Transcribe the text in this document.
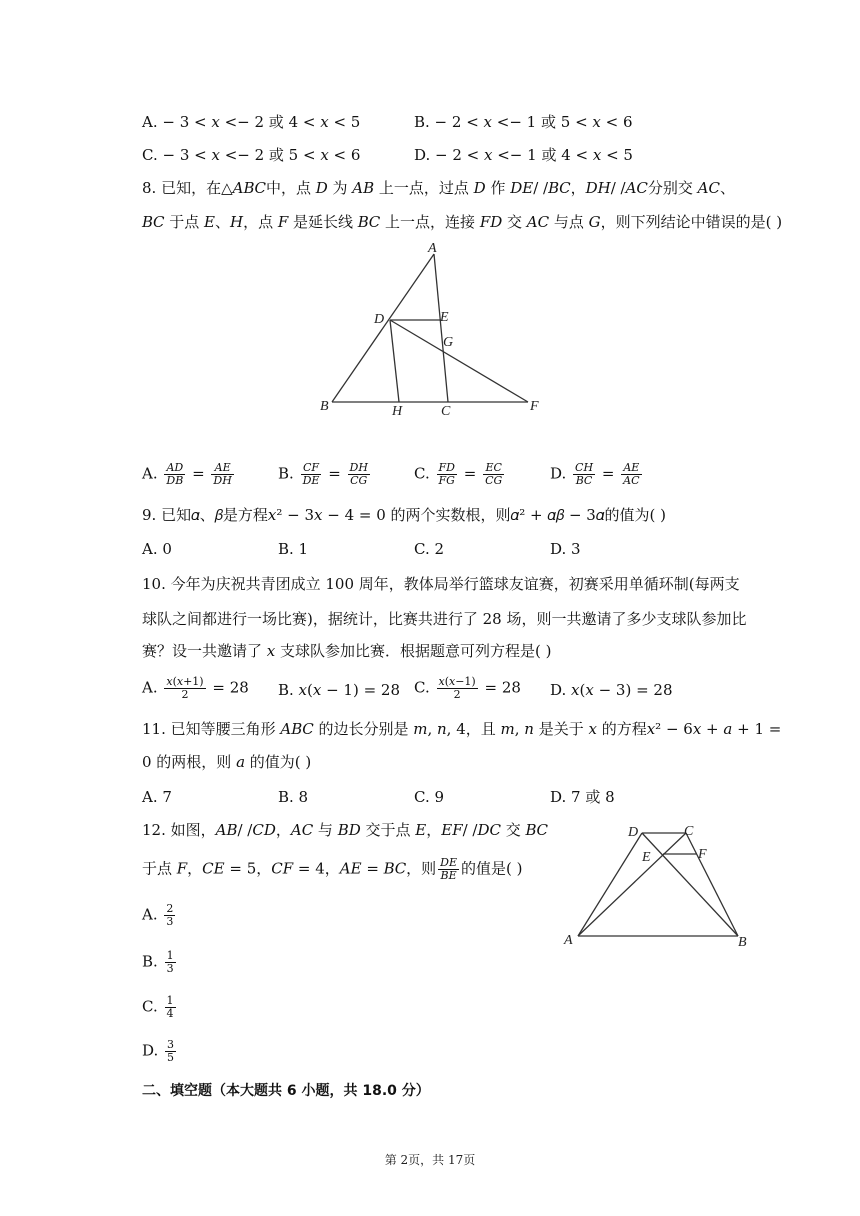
A. − 3 < 𝑥 <− 2 或 4 < 𝑥 < 5	B. − 2 < 𝑥 <− 1 或 5 < 𝑥 < 6
C. − 3 < 𝑥 <− 2 或 5 < 𝑥 < 6	D. − 2 < 𝑥 <− 1 或 4 < 𝑥 < 5
8. 已知，在△𝐴𝐵𝐶中，点 𝐷 为 𝐴𝐵 上一点，过点 𝐷 作 𝐷𝐸/ /𝐵𝐶，𝐷𝐻/ /𝐴𝐶分别交 𝐴𝐶、
𝐵𝐶 于点 𝐸、𝐻，点 𝐹 是延长线 𝐵𝐶 上一点，连接 𝐹𝐷 交 𝐴𝐶 与点 𝐺，则下列结论中错误的是( )
A
D	E
G
B	H	C	F
A. $\frac{\text{𝐴𝐷}}{\text{𝐷𝐵}} = \frac{\text{𝐴𝐸}}{\text{𝐷𝐻}}$	B. $\frac{\text{𝐶𝐹}}{\text{𝐷𝐸}} = \frac{\text{𝐷𝐻}}{\text{𝐶𝐺}}$	C. $\frac{\text{𝐹𝐷}}{\text{𝐹𝐺}} = \frac{\text{𝐸𝐶}}{\text{𝐶𝐺}}$	D. $\frac{\text{𝐶𝐻}}{\text{𝐵𝐶}} = \frac{\text{𝐴𝐸}}{\text{𝐴𝐶}}$
9. 已知𝛼、𝛽是方程𝑥² − 3𝑥 − 4 = 0 的两个实数根，则𝛼² + 𝛼𝛽 − 3𝛼的值为( )
A. 0	B. 1	C. 2	D. 3
10. 今年为庆祝共青团成立 100 周年，教体局举行篮球友谊赛，初赛采用单循环制(每两支
球队之间都进行一场比赛)，据统计，比赛共进行了 28 场，则一共邀请了多少支球队参加比
赛？设一共邀请了 𝑥 支球队参加比赛．根据题意可列方程是( )
A. $\frac{\text{𝑥(𝑥+1)}}{2} = 28$ B. 𝑥(𝑥 − 1) = 28 C. $\frac{\text{𝑥(𝑥−1)}}{2} = 28$ D. 𝑥(𝑥 − 3) = 28
11. 已知等腰三角形 𝐴𝐵𝐶 的边长分别是 𝑚, 𝑛, 4，且 𝑚, 𝑛 是关于 𝑥 的方程𝑥² − 6𝑥 + 𝑎 + 1 =
0 的两根，则 𝑎 的值为( )
A. 7	B. 8	C. 9	D. 7 或 8
12. 如图，𝐴𝐵/ /𝐶𝐷，𝐴𝐶 与 𝐵𝐷 交于点 𝐸，𝐸𝐹/ /𝐷𝐶 交 𝐵𝐶
于点 𝐹，𝐶𝐸 = 5，𝐶𝐹 = 4，𝐴𝐸 = 𝐵𝐶，则 $\frac{\text{𝐷𝐸}}{\text{𝐵𝐸}}$ 的值是( )
D	C
E	F
A	B
A. $\frac{2}{3}$
B. $\frac{1}{3}$
C. $\frac{1}{4}$
D. $\frac{3}{5}$
二、填空题（本大题共 6 小题，共 18.0 分）
第 2页，共 17页
